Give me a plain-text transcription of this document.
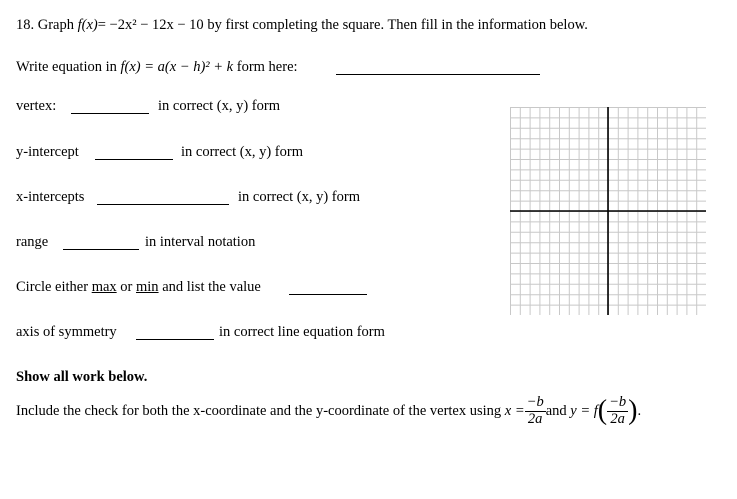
18. Graph f(x)= −2x² − 12x − 10 by first completing the square. Then fill in the information below.
Write equation in f(x) = a(x − h)² + k form here:
vertex:	in correct (x, y) form
y-intercept	in correct (x, y) form
x-intercepts	in correct (x, y) form
range	in interval notation
Circle either max or min and list the value
axis of symmetry	in correct line equation form
Show all work below.
Include the check for both the x-coordinate and the y-coordinate of the vertex using
$x = \frac{-b}{2a}$ and
y = f ( $\frac{-b}{2a}$ ) .
